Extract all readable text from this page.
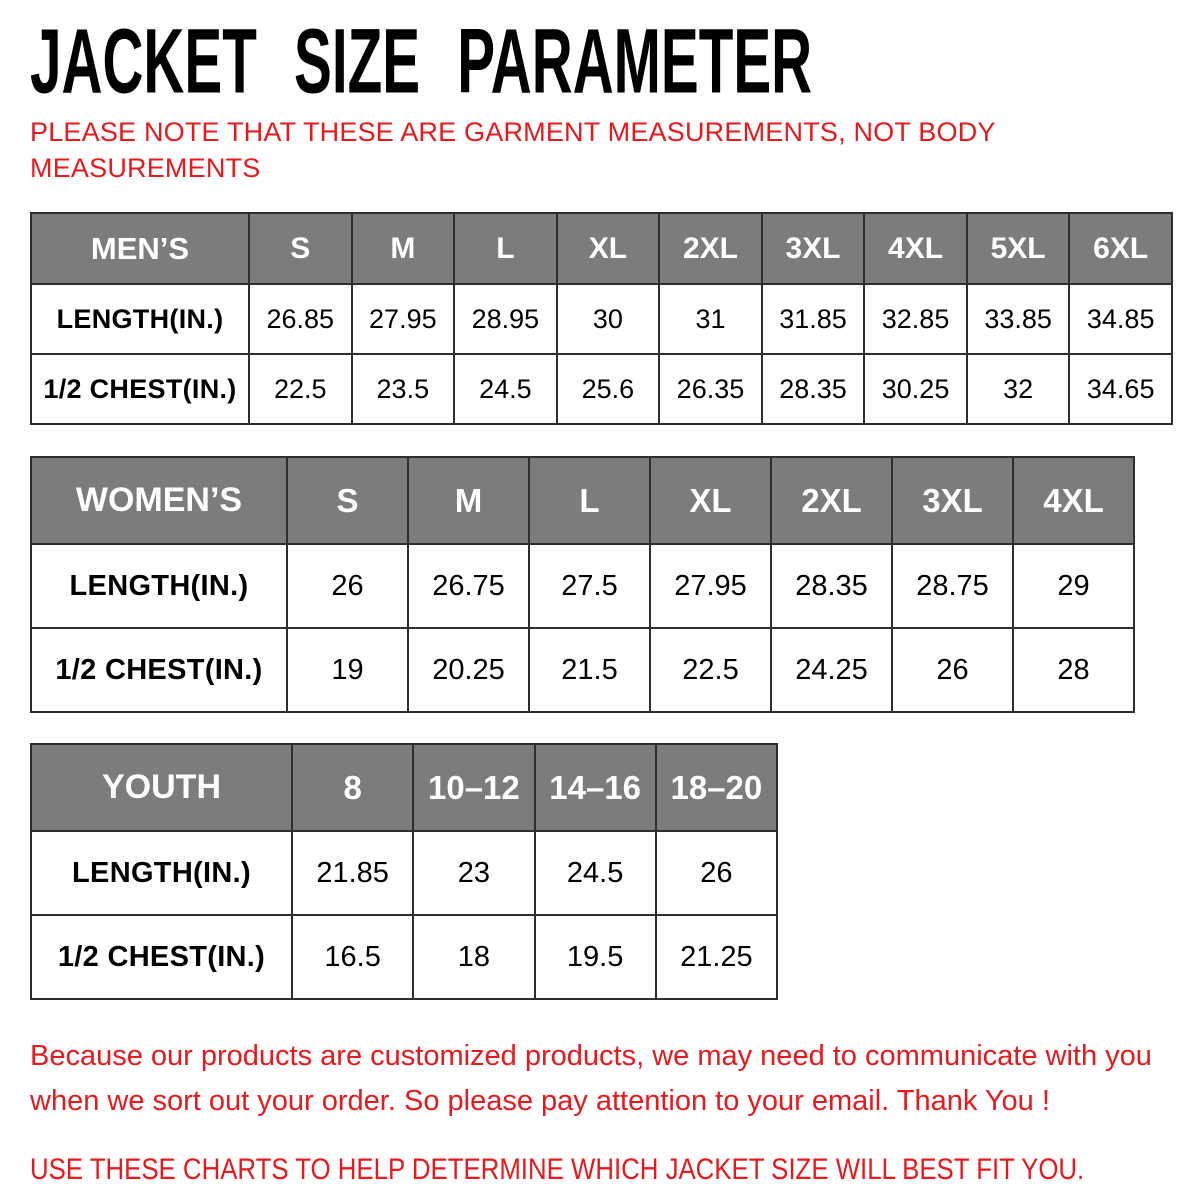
JACKET SIZE PARAMETER

PLEASE NOTE THAT THESE ARE GARMENT MEASUREMENTS, NOT BODY
MEASUREMENTS

MEN’S	S	M	L	XL	2XL	3XL	4XL	5XL	6XL
LENGTH(IN.)	26.85	27.95	28.95	30	31	31.85	32.85	33.85	34.85
1/2 CHEST(IN.)	22.5	23.5	24.5	25.6	26.35	28.35	30.25	32	34.65
WOMEN’S	S	M	L	XL	2XL	3XL	4XL
LENGTH(IN.)	26	26.75	27.5	27.95	28.35	28.75	29
1/2 CHEST(IN.)	19	20.25	21.5	22.5	24.25	26	28
YOUTH	8	10–12	14–16	18–20
LENGTH(IN.)	21.85	23	24.5	26
1/2 CHEST(IN.)	16.5	18	19.5	21.25

Because our products are customized products, we may need to communicate with you
when we sort out your order. So please pay attention to your email. Thank You !

USE THESE CHARTS TO HELP DETERMINE WHICH JACKET SIZE WILL BEST FIT YOU.
